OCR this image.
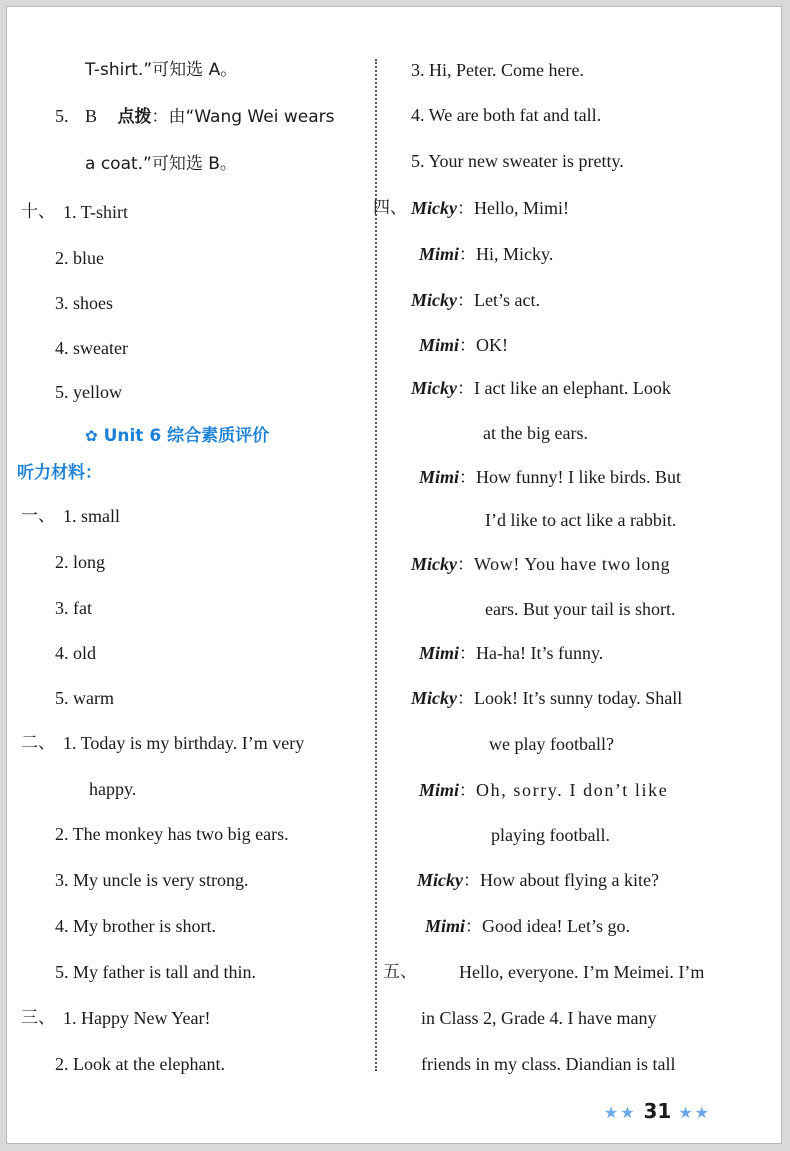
T-shirt.”可知选 A。
5. B 点拨：由“Wang Wei wears
a coat.”可知选 B。
十、 1. T-shirt
2. blue
3. shoes
4. sweater
5. yellow
✿ Unit 6 综合素质评价
听力材料：
一、 1. small
2. long
3. fat
4. old
5. warm
二、 1. Today is my birthday. I’m very
happy.
2. The monkey has two big ears.
3. My uncle is very strong.
4. My brother is short.
5. My father is tall and thin.
三、 1. Happy New Year!
2. Look at the elephant.
3. Hi, Peter. Come here.
4. We are both fat and tall.
5. Your new sweater is pretty.
四、 Micky：Hello, Mimi!
Mimi：Hi, Micky.
Micky：Let’s act.
Mimi：OK!
Micky：I act like an elephant. Look
at the big ears.
Mimi：How funny! I like birds. But
I’d like to act like a rabbit.
Micky：Wow! You have two long
ears. But your tail is short.
Mimi：Ha-ha! It’s funny.
Micky：Look! It’s sunny today. Shall
we play football?
Mimi：Oh, sorry. I don’t like
playing football.
Micky：How about flying a kite?
Mimi：Good idea! Let’s go.
五、 Hello, everyone. I’m Meimei. I’m
in Class 2, Grade 4. I have many
friends in my class. Diandian is tall
★★ 31 ★★
